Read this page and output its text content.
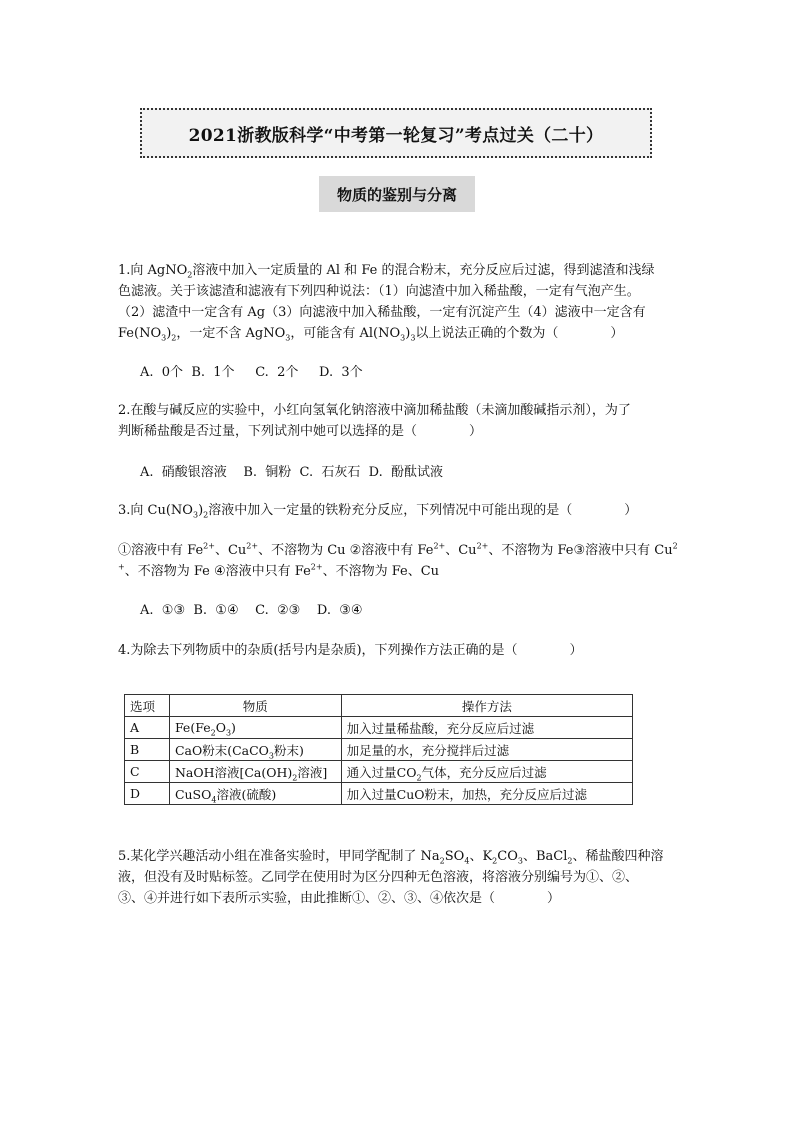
2021浙教版科学“中考第一轮复习”考点过关（二十）
物质的鉴别与分离
1.向 AgNO$_2$溶液中加入一定质量的 Al 和 Fe 的混合粉末，充分反应后过滤，得到滤渣和浅绿
色滤液。关于该滤渣和滤液有下列四种说法：（1）向滤渣中加入稀盐酸，一定有气泡产生。
（2）滤渣中一定含有 Ag（3）向滤液中加入稀盐酸，一定有沉淀产生（4）滤液中一定含有
$Fe(NO_3)_2$，一定不含 AgNO$_3$，可能含有 $Al(NO_3)_3$以上说法正确的个数为（　　　　）
A.  0个  B.  1个     C.  2个     D.  3个
2.在酸与碱反应的实验中，小红向氢氧化钠溶液中滴加稀盐酸（未滴加酸碱指示剂），为了
判断稀盐酸是否过量，下列试剂中她可以选择的是（　　　　）
A.  硝酸银溶液    B.  铜粉  C.  石灰石  D.  酚酞试液
3.向 $Cu(NO_3)_2$溶液中加入一定量的铁粉充分反应，下列情况中可能出现的是（　　　　）
①溶液中有 $Fe^{2+}$、$Cu^{2+}$、不溶物为 Cu ②溶液中有 $Fe^{2+}$、$Cu^{2+}$、不溶物为 Fe③溶液中只有 Cu$^2$
+、不溶物为 Fe ④溶液中只有 $Fe^{2+}$、不溶物为 Fe、Cu
A.  ①③  B.  ①④    C.  ②③    D.  ③④
4.为除去下列物质中的杂质(括号内是杂质)，下列操作方法正确的是（　　　　）
选项	物质	操作方法
A	$Fe(Fe_2O_3)$	加入过量稀盐酸，充分反应后过滤
B	CaO粉末(CaCO$_3$粉末)	加足量的水，充分搅拌后过滤
C	NaOH溶液[$Ca(OH)_2$溶液]	通入过量$CO_2$气体，充分反应后过滤
D	CuSO$_4$溶液(硫酸)	加入过量CuO粉末，加热，充分反应后过滤
5.某化学兴趣活动小组在准备实验时，甲同学配制了 $Na_2SO_4$、$K_2CO_3$、BaCl$_2$、稀盐酸四种溶
液，但没有及时贴标签。乙同学在使用时为区分四种无色溶液，将溶液分别编号为①、②、
③、④并进行如下表所示实验，由此推断①、②、③、④依次是（　　　　）
